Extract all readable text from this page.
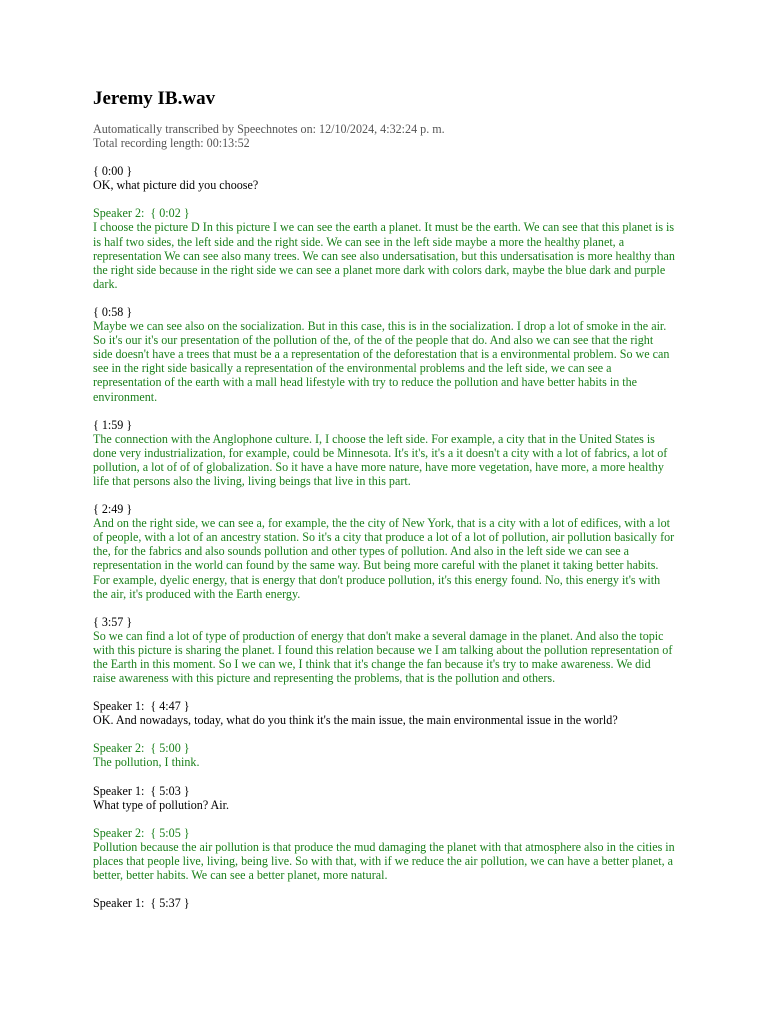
Jeremy IB.wav
Automatically transcribed by Speechnotes on: 12/10/2024, 4:32:24 p. m.
Total recording length: 00:13:52
{ 0:00 }
OK, what picture did you choose?
Speaker 2:  { 0:02 }
I choose the picture D In this picture I we can see the earth a planet. It must be the earth. We can see that this planet is is is half two sides, the left side and the right side. We can see in the left side maybe a more the healthy planet, a representation We can see also many trees. We can see also undersatisation, but this undersatisation is more healthy than the right side because in the right side we can see a planet more dark with colors dark, maybe the blue dark and purple dark.
{ 0:58 }
Maybe we can see also on the socialization. But in this case, this is in the socialization. I drop a lot of smoke in the air. So it's our it's our presentation of the pollution of the, of the of the people that do. And also we can see that the right side doesn't have a trees that must be a a representation of the deforestation that is a environmental problem. So we can see in the right side basically a representation of the environmental problems and the left side, we can see a representation of the earth with a mall head lifestyle with try to reduce the pollution and have better habits in the environment.
{ 1:59 }
The connection with the Anglophone culture. I, I choose the left side. For example, a city that in the United States is done very industrialization, for example, could be Minnesota. It's it's, it's a it doesn't a city with a lot of fabrics, a lot of pollution, a lot of of of globalization. So it have a have more nature, have more vegetation, have more, a more healthy life that persons also the living, living beings that live in this part.
{ 2:49 }
And on the right side, we can see a, for example, the the city of New York, that is a city with a lot of edifices, with a lot of people, with a lot of an ancestry station. So it's a city that produce a lot of a lot of pollution, air pollution basically for the, for the fabrics and also sounds pollution and other types of pollution. And also in the left side we can see a representation in the world can found by the same way. But being more careful with the planet it taking better habits. For example, dyelic energy, that is energy that don't produce pollution, it's this energy found. No, this energy it's with the air, it's produced with the Earth energy.
{ 3:57 }
So we can find a lot of type of production of energy that don't make a several damage in the planet. And also the topic with this picture is sharing the planet. I found this relation because we I am talking about the pollution representation of the Earth in this moment. So I we can we, I think that it's change the fan because it's try to make awareness. We did raise awareness with this picture and representing the problems, that is the pollution and others.
Speaker 1:  { 4:47 }
OK. And nowadays, today, what do you think it's the main issue, the main environmental issue in the world?
Speaker 2:  { 5:00 }
The pollution, I think.
Speaker 1:  { 5:03 }
What type of pollution? Air.
Speaker 2:  { 5:05 }
Pollution because the air pollution is that produce the mud damaging the planet with that atmosphere also in the cities in places that people live, living, being live. So with that, with if we reduce the air pollution, we can have a better planet, a better, better habits. We can see a better planet, more natural.
Speaker 1:  { 5:37 }
